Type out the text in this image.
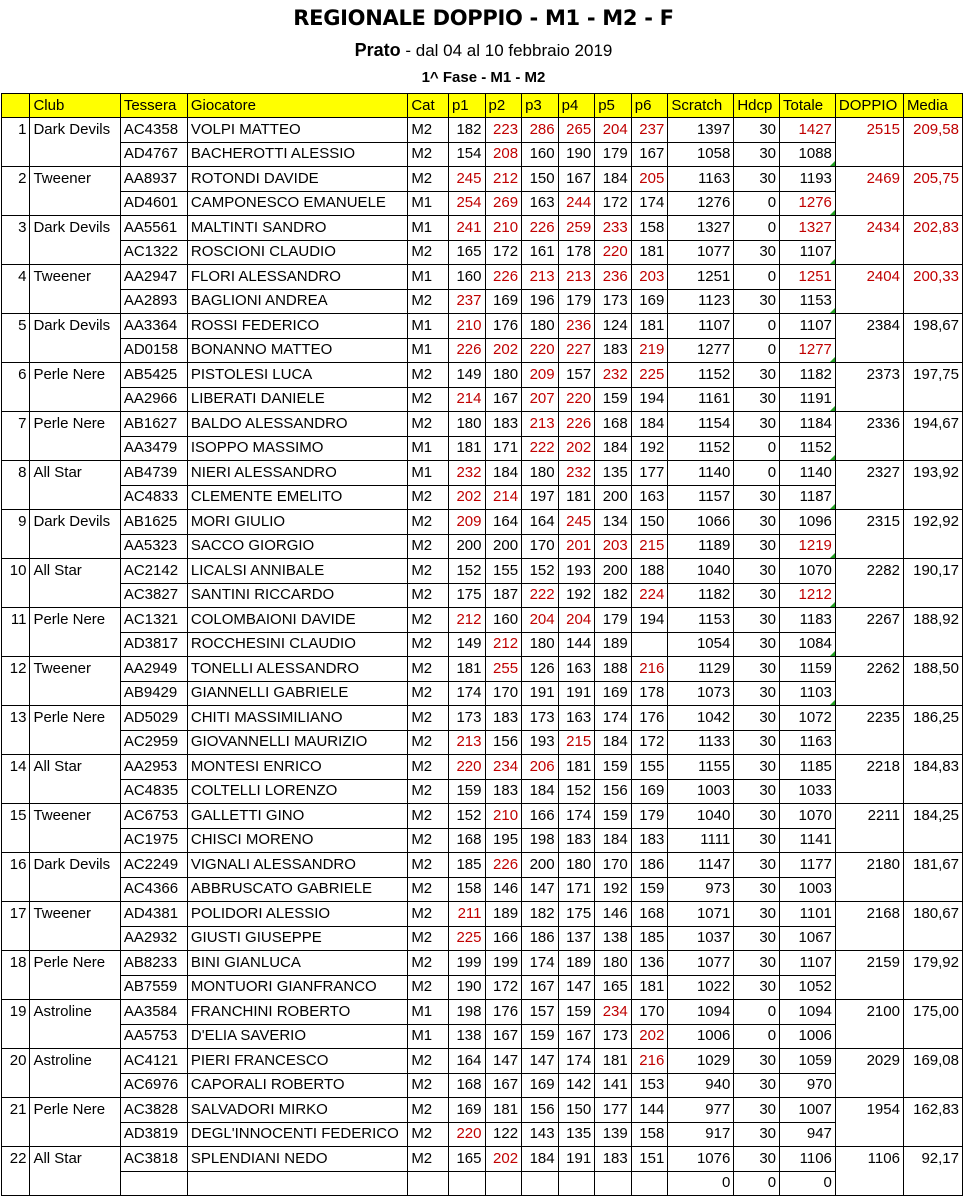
REGIONALE DOPPIO - M1 - M2 - F
Prato - dal 04 al 10 febbraio 2019
1^ Fase - M1 - M2
	Club	Tessera	Giocatore	Cat	p1	p2	p3	p4	p5	p6	Scratch	Hdcp	Totale	DOPPIO	Media
1	Dark Devils	AC4358	VOLPI MATTEO	M2	182	223	286	265	204	237	1397	30	1427	2515	209,58
		AD4767	BACHEROTTI ALESSIO	M2	154	208	160	190	179	167	1058	30	1088		
2	Tweener	AA8937	ROTONDI DAVIDE	M2	245	212	150	167	184	205	1163	30	1193	2469	205,75
		AD4601	CAMPONESCO EMANUELE	M1	254	269	163	244	172	174	1276	0	1276		
3	Dark Devils	AA5561	MALTINTI SANDRO	M1	241	210	226	259	233	158	1327	0	1327	2434	202,83
		AC1322	ROSCIONI CLAUDIO	M2	165	172	161	178	220	181	1077	30	1107		
4	Tweener	AA2947	FLORI ALESSANDRO	M1	160	226	213	213	236	203	1251	0	1251	2404	200,33
		AA2893	BAGLIONI ANDREA	M2	237	169	196	179	173	169	1123	30	1153		
5	Dark Devils	AA3364	ROSSI FEDERICO	M1	210	176	180	236	124	181	1107	0	1107	2384	198,67
		AD0158	BONANNO MATTEO	M1	226	202	220	227	183	219	1277	0	1277		
6	Perle Nere	AB5425	PISTOLESI LUCA	M2	149	180	209	157	232	225	1152	30	1182	2373	197,75
		AA2966	LIBERATI DANIELE	M2	214	167	207	220	159	194	1161	30	1191		
7	Perle Nere	AB1627	BALDO ALESSANDRO	M2	180	183	213	226	168	184	1154	30	1184	2336	194,67
		AA3479	ISOPPO MASSIMO	M1	181	171	222	202	184	192	1152	0	1152		
8	All Star	AB4739	NIERI ALESSANDRO	M1	232	184	180	232	135	177	1140	0	1140	2327	193,92
		AC4833	CLEMENTE EMELITO	M2	202	214	197	181	200	163	1157	30	1187		
9	Dark Devils	AB1625	MORI GIULIO	M2	209	164	164	245	134	150	1066	30	1096	2315	192,92
		AA5323	SACCO GIORGIO	M2	200	200	170	201	203	215	1189	30	1219		
10	All Star	AC2142	LICALSI ANNIBALE	M2	152	155	152	193	200	188	1040	30	1070	2282	190,17
		AC3827	SANTINI RICCARDO	M2	175	187	222	192	182	224	1182	30	1212		
11	Perle Nere	AC1321	COLOMBAIONI DAVIDE	M2	212	160	204	204	179	194	1153	30	1183	2267	188,92
		AD3817	ROCCHESINI CLAUDIO	M2	149	212	180	144	189		1054	30	1084		
12	Tweener	AA2949	TONELLI ALESSANDRO	M2	181	255	126	163	188	216	1129	30	1159	2262	188,50
		AB9429	GIANNELLI GABRIELE	M2	174	170	191	191	169	178	1073	30	1103		
13	Perle Nere	AD5029	CHITI MASSIMILIANO	M2	173	183	173	163	174	176	1042	30	1072	2235	186,25
		AC2959	GIOVANNELLI MAURIZIO	M2	213	156	193	215	184	172	1133	30	1163		
14	All Star	AA2953	MONTESI ENRICO	M2	220	234	206	181	159	155	1155	30	1185	2218	184,83
		AC4835	COLTELLI LORENZO	M2	159	183	184	152	156	169	1003	30	1033		
15	Tweener	AC6753	GALLETTI GINO	M2	152	210	166	174	159	179	1040	30	1070	2211	184,25
		AC1975	CHISCI MORENO	M2	168	195	198	183	184	183	1111	30	1141		
16	Dark Devils	AC2249	VIGNALI ALESSANDRO	M2	185	226	200	180	170	186	1147	30	1177	2180	181,67
		AC4366	ABBRUSCATO GABRIELE	M2	158	146	147	171	192	159	973	30	1003		
17	Tweener	AD4381	POLIDORI ALESSIO	M2	211	189	182	175	146	168	1071	30	1101	2168	180,67
		AA2932	GIUSTI GIUSEPPE	M2	225	166	186	137	138	185	1037	30	1067		
18	Perle Nere	AB8233	BINI GIANLUCA	M2	199	199	174	189	180	136	1077	30	1107	2159	179,92
		AB7559	MONTUORI GIANFRANCO	M2	190	172	167	147	165	181	1022	30	1052		
19	Astroline	AA3584	FRANCHINI ROBERTO	M1	198	176	157	159	234	170	1094	0	1094	2100	175,00
		AA5753	D'ELIA SAVERIO	M1	138	167	159	167	173	202	1006	0	1006		
20	Astroline	AC4121	PIERI FRANCESCO	M2	164	147	147	174	181	216	1029	30	1059	2029	169,08
		AC6976	CAPORALI ROBERTO	M2	168	167	169	142	141	153	940	30	970		
21	Perle Nere	AC3828	SALVADORI MIRKO	M2	169	181	156	150	177	144	977	30	1007	1954	162,83
		AD3819	DEGL'INNOCENTI FEDERICO	M2	220	122	143	135	139	158	917	30	947		
22	All Star	AC3818	SPLENDIANI NEDO	M2	165	202	184	191	183	151	1076	30	1106	1106	92,17
											0	0	0		
